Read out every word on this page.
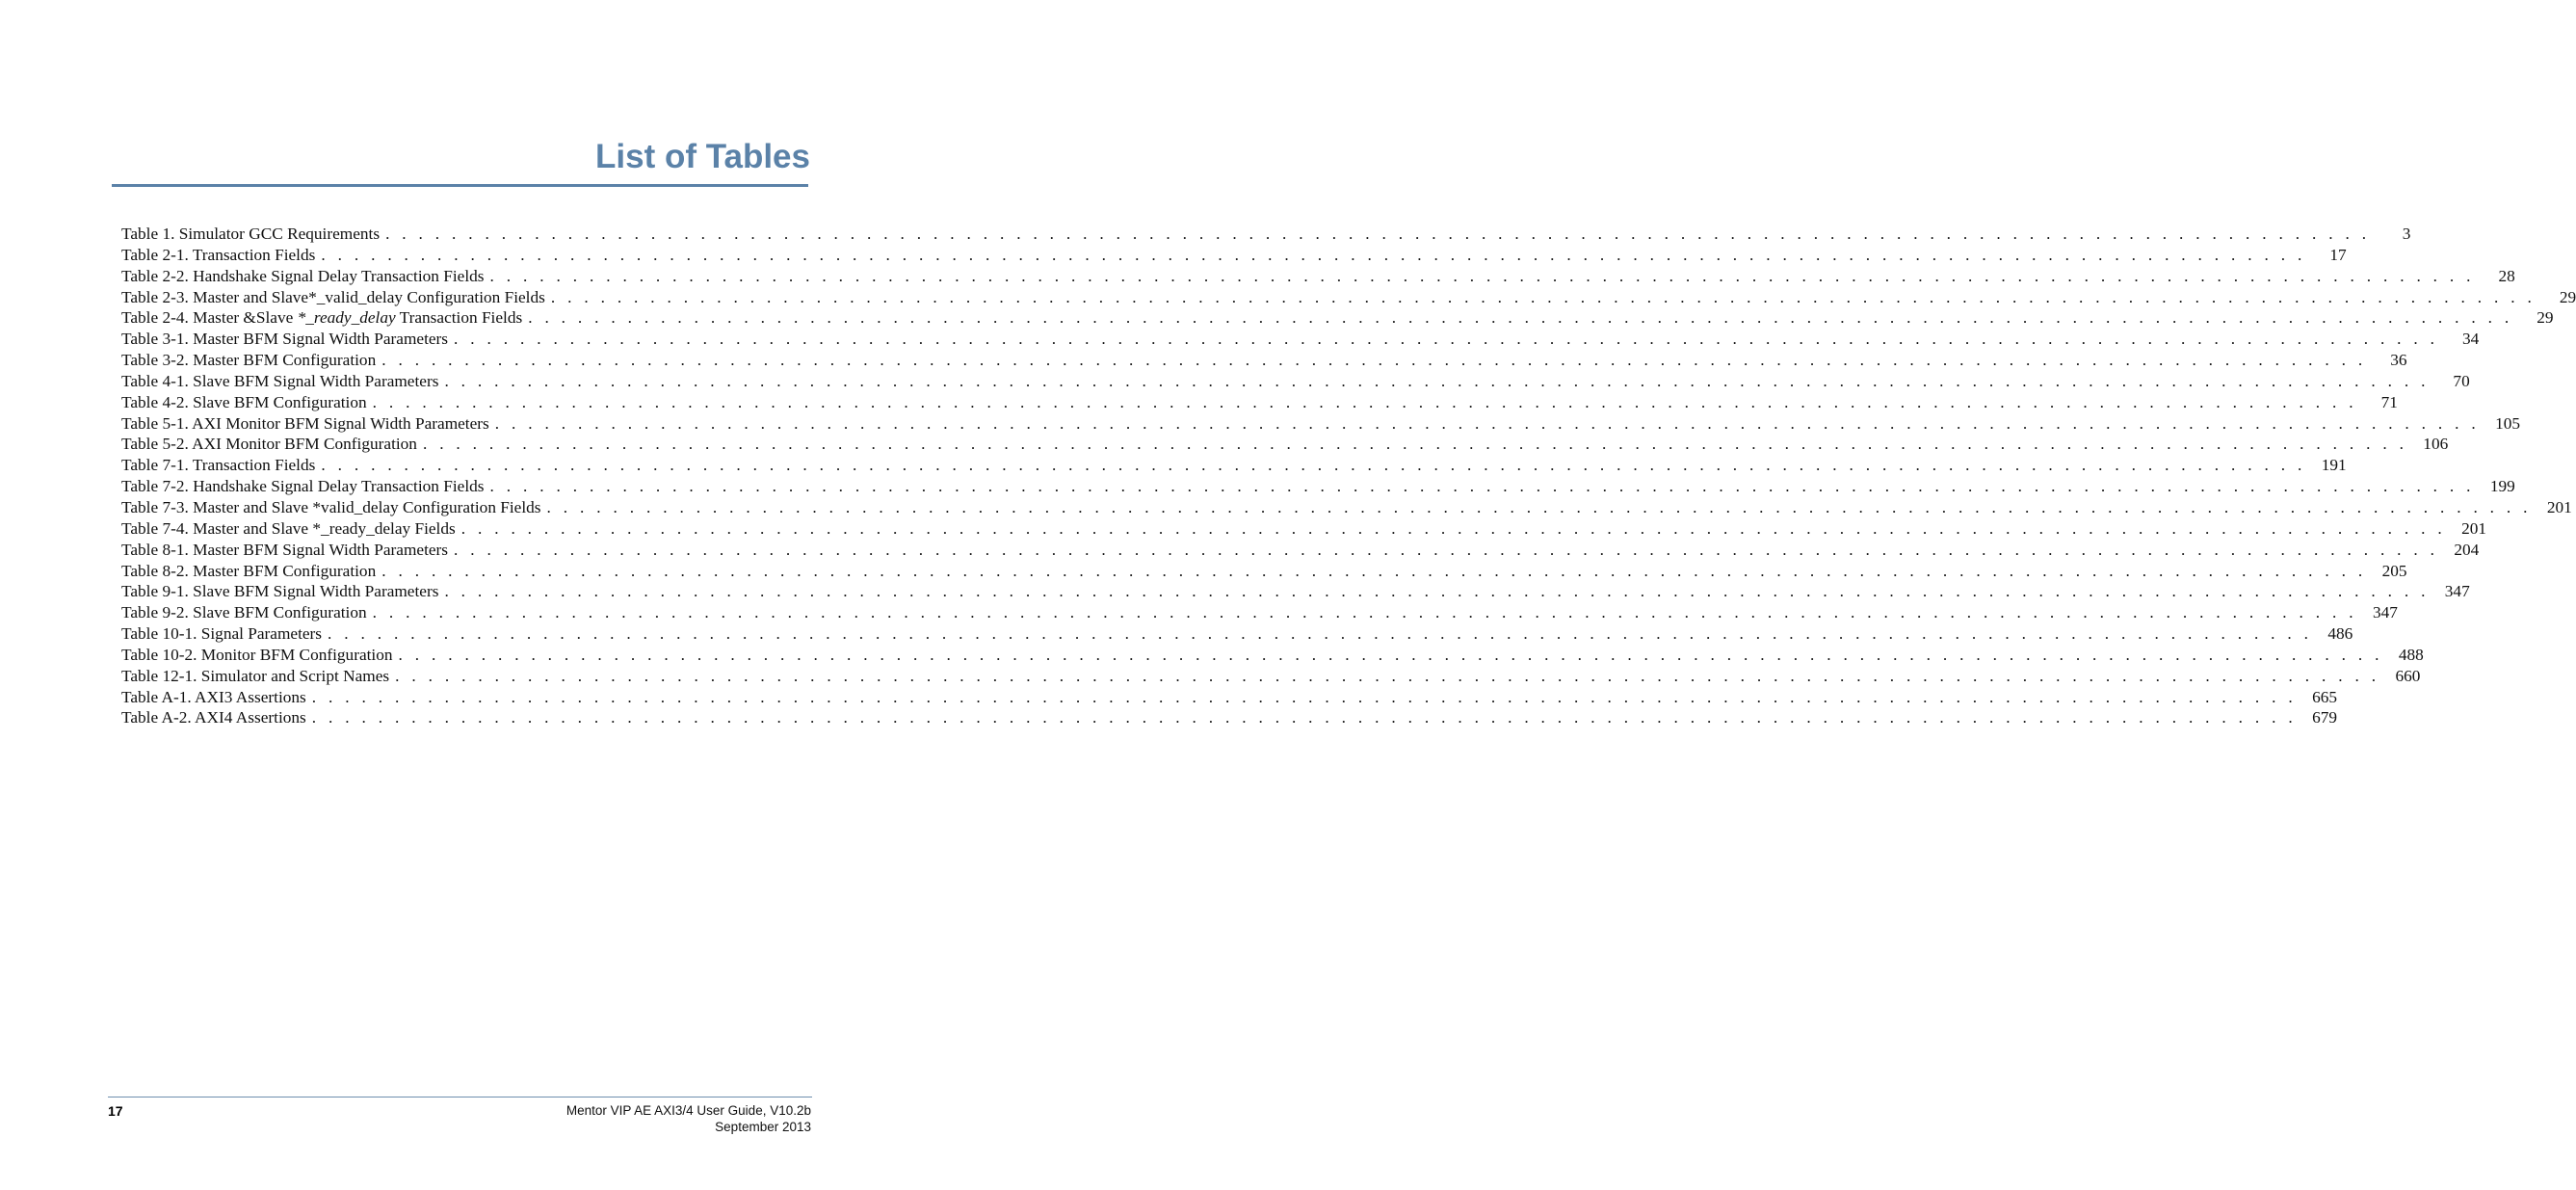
List of Tables
Table 1. Simulator GCC Requirements . . . . . . . . . . . . . . . . . . . . . . . . . . . . . . . . . . . . . . . . . . . . . . . . . . . . . . . . . . . . . . . . . . . . . . . . . . . . . . . . . . . . . . . . . . . . . . . . . . . . . . . . . . . . . . . . . . . . . . . .	3
Table 2-1. Transaction Fields . . . . . . . . . . . . . . . . . . . . . . . . . . . . . . . . . . . . . . . . . . . . . . . . . . . . . . . . . . . . . . . . . . . . . . . . . . . . . . . . . . . . . . . . . . . . . . . . . . . . . . . . . . . . . . . . . . . . . . . .	17
Table 2-2. Handshake Signal Delay Transaction Fields . . . . . . . . . . . . . . . . . . . . . . . . . . . . . . . . . . . . . . . . . . . . . . . . . . . . . . . . . . . . . . . . . . . . . . . . . . . . . . . . . . . . . . . . . . . . . . . . . . . . . . . . . . . . . . . . . . . . . . . .	28
Table 2-3. Master and Slave*_valid_delay Configuration Fields . . . . . . . . . . . . . . . . . . . . . . . . . . . . . . . . . . . . . . . . . . . . . . . . . . . . . . . . . . . . . . . . . . . . . . . . . . . . . . . . . . . . . . . . . . . . . . . . . . . . . . . . . . . . . . . . . . . . . . . .	29
Table 2-4. Master &Slave *_ready_delay Transaction Fields . . . . . . . . . . . . . . . . . . . . . . . . . . . . . . . . . . . . . . . . . . . . . . . . . . . . . . . . . . . . . . . . . . . . . . . . . . . . . . . . . . . . . . . . . . . . . . . . . . . . . . . . . . . . . . . . . . . . . . . .	29
Table 3-1. Master BFM Signal Width Parameters . . . . . . . . . . . . . . . . . . . . . . . . . . . . . . . . . . . . . . . . . . . . . . . . . . . . . . . . . . . . . . . . . . . . . . . . . . . . . . . . . . . . . . . . . . . . . . . . . . . . . . . . . . . . . . . . . . . . . . . .	34
Table 3-2. Master BFM Configuration . . . . . . . . . . . . . . . . . . . . . . . . . . . . . . . . . . . . . . . . . . . . . . . . . . . . . . . . . . . . . . . . . . . . . . . . . . . . . . . . . . . . . . . . . . . . . . . . . . . . . . . . . . . . . . . . . . . . . . . .	36
Table 4-1. Slave BFM Signal Width Parameters . . . . . . . . . . . . . . . . . . . . . . . . . . . . . . . . . . . . . . . . . . . . . . . . . . . . . . . . . . . . . . . . . . . . . . . . . . . . . . . . . . . . . . . . . . . . . . . . . . . . . . . . . . . . . . . . . . . . . . . .	70
Table 4-2. Slave BFM Configuration . . . . . . . . . . . . . . . . . . . . . . . . . . . . . . . . . . . . . . . . . . . . . . . . . . . . . . . . . . . . . . . . . . . . . . . . . . . . . . . . . . . . . . . . . . . . . . . . . . . . . . . . . . . . . . . . . . . . . . . .	71
Table 5-1. AXI Monitor BFM Signal Width Parameters . . . . . . . . . . . . . . . . . . . . . . . . . . . . . . . . . . . . . . . . . . . . . . . . . . . . . . . . . . . . . . . . . . . . . . . . . . . . . . . . . . . . . . . . . . . . . . . . . . . . . . . . . . . . . . . . . . . . . . . . 105
Table 5-2. AXI Monitor BFM Configuration . . . . . . . . . . . . . . . . . . . . . . . . . . . . . . . . . . . . . . . . . . . . . . . . . . . . . . . . . . . . . . . . . . . . . . . . . . . . . . . . . . . . . . . . . . . . . . . . . . . . . . . . . . . . . . . . . . . . . . . . 106
Table 7-1. Transaction Fields . . . . . . . . . . . . . . . . . . . . . . . . . . . . . . . . . . . . . . . . . . . . . . . . . . . . . . . . . . . . . . . . . . . . . . . . . . . . . . . . . . . . . . . . . . . . . . . . . . . . . . . . . . . . . . . . . . . . . . . . 191
Table 7-2. Handshake Signal Delay Transaction Fields . . . . . . . . . . . . . . . . . . . . . . . . . . . . . . . . . . . . . . . . . . . . . . . . . . . . . . . . . . . . . . . . . . . . . . . . . . . . . . . . . . . . . . . . . . . . . . . . . . . . . . . . . . . . . . . . . . . . . . . . 199
Table 7-3. Master and Slave *valid_delay Configuration Fields . . . . . . . . . . . . . . . . . . . . . . . . . . . . . . . . . . . . . . . . . . . . . . . . . . . . . . . . . . . . . . . . . . . . . . . . . . . . . . . . . . . . . . . . . . . . . . . . . . . . . . . . . . . . . . . . . . . . . . . . 201
Table 7-4. Master and Slave *_ready_delay Fields . . . . . . . . . . . . . . . . . . . . . . . . . . . . . . . . . . . . . . . . . . . . . . . . . . . . . . . . . . . . . . . . . . . . . . . . . . . . . . . . . . . . . . . . . . . . . . . . . . . . . . . . . . . . . . . . . . . . . . . . 201
Table 8-1. Master BFM Signal Width Parameters . . . . . . . . . . . . . . . . . . . . . . . . . . . . . . . . . . . . . . . . . . . . . . . . . . . . . . . . . . . . . . . . . . . . . . . . . . . . . . . . . . . . . . . . . . . . . . . . . . . . . . . . . . . . . . . . . . . . . . . . 204
Table 8-2. Master BFM Configuration . . . . . . . . . . . . . . . . . . . . . . . . . . . . . . . . . . . . . . . . . . . . . . . . . . . . . . . . . . . . . . . . . . . . . . . . . . . . . . . . . . . . . . . . . . . . . . . . . . . . . . . . . . . . . . . . . . . . . . . . 205
Table 9-1. Slave BFM Signal Width Parameters . . . . . . . . . . . . . . . . . . . . . . . . . . . . . . . . . . . . . . . . . . . . . . . . . . . . . . . . . . . . . . . . . . . . . . . . . . . . . . . . . . . . . . . . . . . . . . . . . . . . . . . . . . . . . . . . . . . . . . . . 347
Table 9-2. Slave BFM Configuration . . . . . . . . . . . . . . . . . . . . . . . . . . . . . . . . . . . . . . . . . . . . . . . . . . . . . . . . . . . . . . . . . . . . . . . . . . . . . . . . . . . . . . . . . . . . . . . . . . . . . . . . . . . . . . . . . . . . . . . . 347
Table 10-1. Signal Parameters . . . . . . . . . . . . . . . . . . . . . . . . . . . . . . . . . . . . . . . . . . . . . . . . . . . . . . . . . . . . . . . . . . . . . . . . . . . . . . . . . . . . . . . . . . . . . . . . . . . . . . . . . . . . . . . . . . . . . . . . 486
Table 10-2. Monitor BFM Configuration . . . . . . . . . . . . . . . . . . . . . . . . . . . . . . . . . . . . . . . . . . . . . . . . . . . . . . . . . . . . . . . . . . . . . . . . . . . . . . . . . . . . . . . . . . . . . . . . . . . . . . . . . . . . . . . . . . . . . . . . 488
Table 12-1. Simulator and Script Names . . . . . . . . . . . . . . . . . . . . . . . . . . . . . . . . . . . . . . . . . . . . . . . . . . . . . . . . . . . . . . . . . . . . . . . . . . . . . . . . . . . . . . . . . . . . . . . . . . . . . . . . . . . . . . . . . . . . . . . . 660
Table A-1. AXI3 Assertions . . . . . . . . . . . . . . . . . . . . . . . . . . . . . . . . . . . . . . . . . . . . . . . . . . . . . . . . . . . . . . . . . . . . . . . . . . . . . . . . . . . . . . . . . . . . . . . . . . . . . . . . . . . . . . . . . . . . . . . . 665
Table A-2. AXI4 Assertions . . . . . . . . . . . . . . . . . . . . . . . . . . . . . . . . . . . . . . . . . . . . . . . . . . . . . . . . . . . . . . . . . . . . . . . . . . . . . . . . . . . . . . . . . . . . . . . . . . . . . . . . . . . . . . . . . . . . . . . . 679
17	Mentor VIP AE AXI3/4 User Guide, V10.2b
September 2013
